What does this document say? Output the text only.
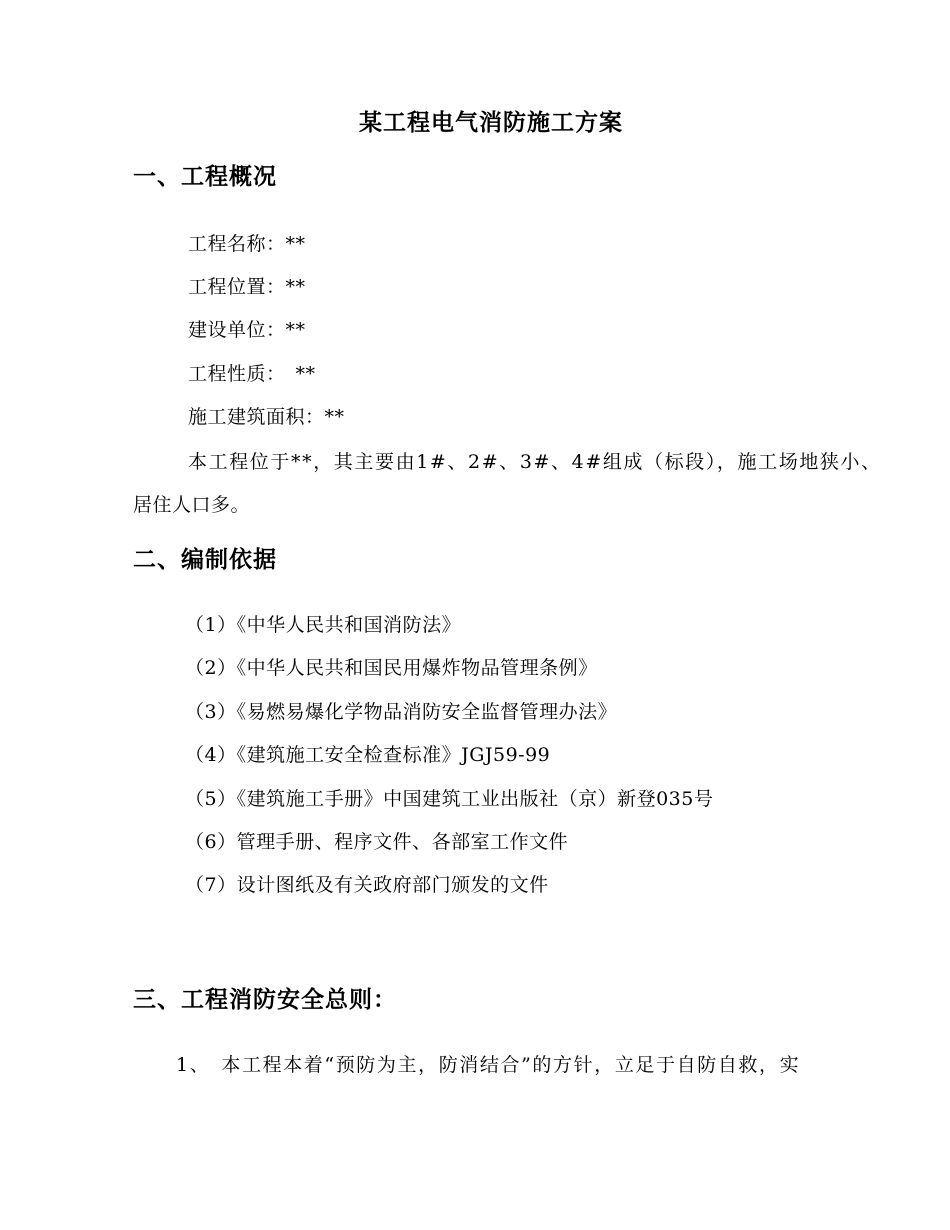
某工程电气消防施工方案
一、工程概况
工程名称：**
工程位置：**
建设单位：**
工程性质：　**
施工建筑面积：**
本工程位于**，其主要由1#、2#、3#、4#组成（标段），施工场地狭小、
居住人口多。
二、编制依据
（1）《中华人民共和国消防法》
（2）《中华人民共和国民用爆炸物品管理条例》
（3）《易燃易爆化学物品消防安全监督管理办法》
（4）《建筑施工安全检查标准》JGJ59-99
（5）《建筑施工手册》中国建筑工业出版社（京）新登035号
（6）管理手册、程序文件、各部室工作文件
（7）设计图纸及有关政府部门颁发的文件
三、工程消防安全总则：
1、　本工程本着“预防为主，防消结合”的方针，立足于自防自救，实
